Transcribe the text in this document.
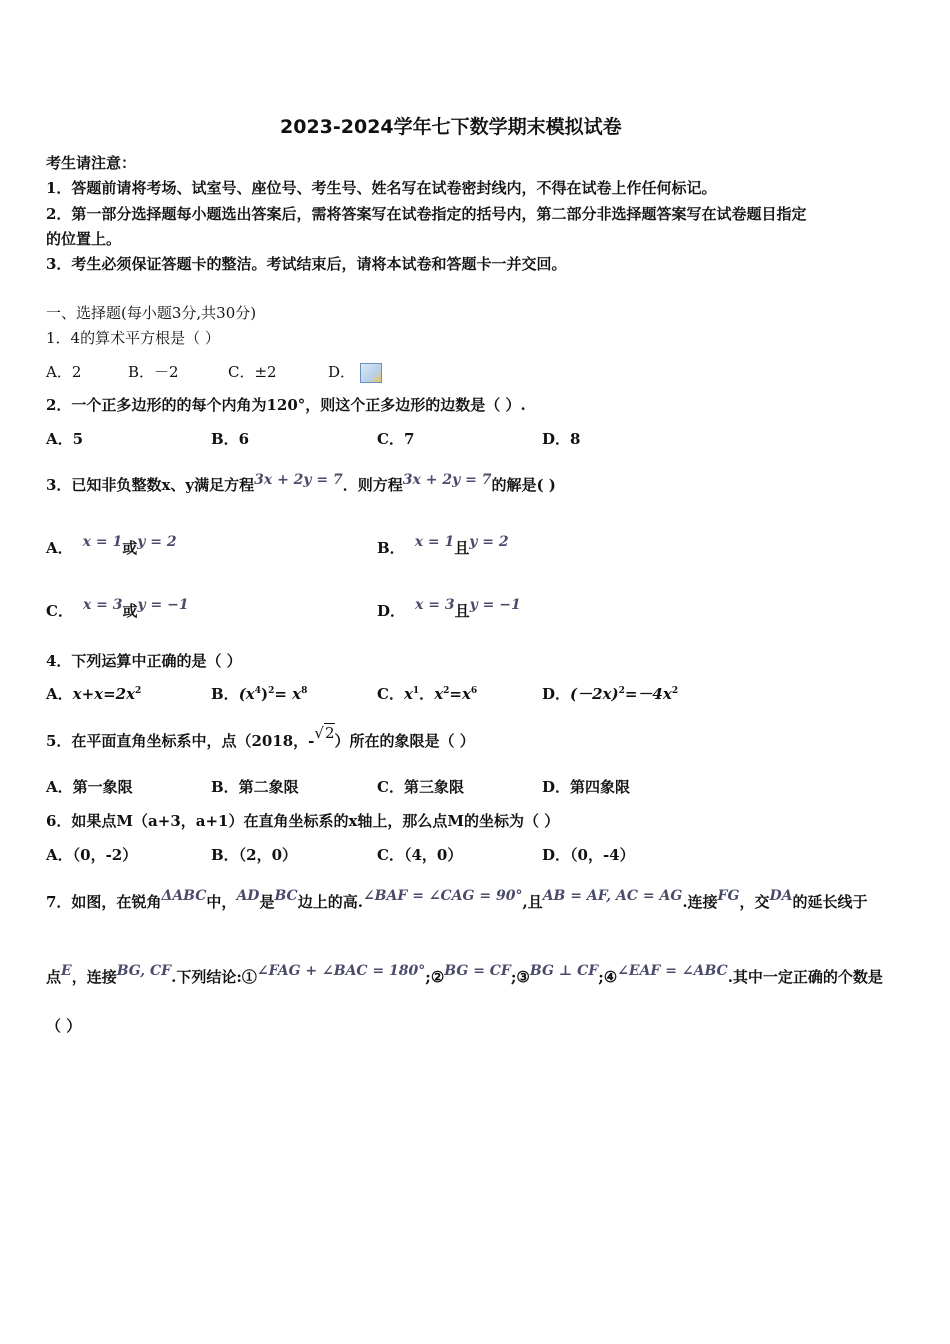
2023-2024学年七下数学期末模拟试卷
考生请注意：
1．答题前请将考场、试室号、座位号、考生号、姓名写在试卷密封线内，不得在试卷上作任何标记。
2．第一部分选择题每小题选出答案后，需将答案写在试卷指定的括号内，第二部分非选择题答案写在试卷题目指定
的位置上。
3．考生必须保证答题卡的整洁。考试结束后，请将本试卷和答题卡一并交回。
一、选择题(每小题3分,共30分)
1．4的算术平方根是（ ）
A．2	B．－2	C．±2	D．
2．一个正多边形的的每个内角为120°，则这个正多边形的边数是（ ）.
A．5	B．6	C．7	D．8
3．已知非负整数x、y满足方程3x + 2y = 7．则方程3x + 2y = 7的解是( )
A． x = 1或y = 2	B． x = 1且y = 2
C． x = 3或y = −1	D． x = 3且y = −1
4．下列运算中正确的是（ ）
A．$x+x=2x^2$	B．$(x^4)^2= x^8$	C．$x^1$．$x^2=x^6$	D．$(-2x)^2=-4x^2$
5．在平面直角坐标系中，点（2018，-√2）所在的象限是（ ）
A．第一象限	B．第二象限	C．第三象限	D．第四象限
6．如果点M（a+3，a+1）在直角坐标系的x轴上，那么点M的坐标为（ ）
A．（0，-2）	B．（2，0）	C．（4，0）	D．（0，-4）
7．如图，在锐角ΔABC中，AD是BC边上的高.∠BAF = ∠CAG = 90°,且AB = AF, AC = AG.连接FG，交DA的延长线于
点E，连接BG, CF.下列结论:①∠FAG + ∠BAC = 180°;②BG = CF;③BG ⊥ CF;④∠EAF = ∠ABC.其中一定正确的个数是
（ ）
